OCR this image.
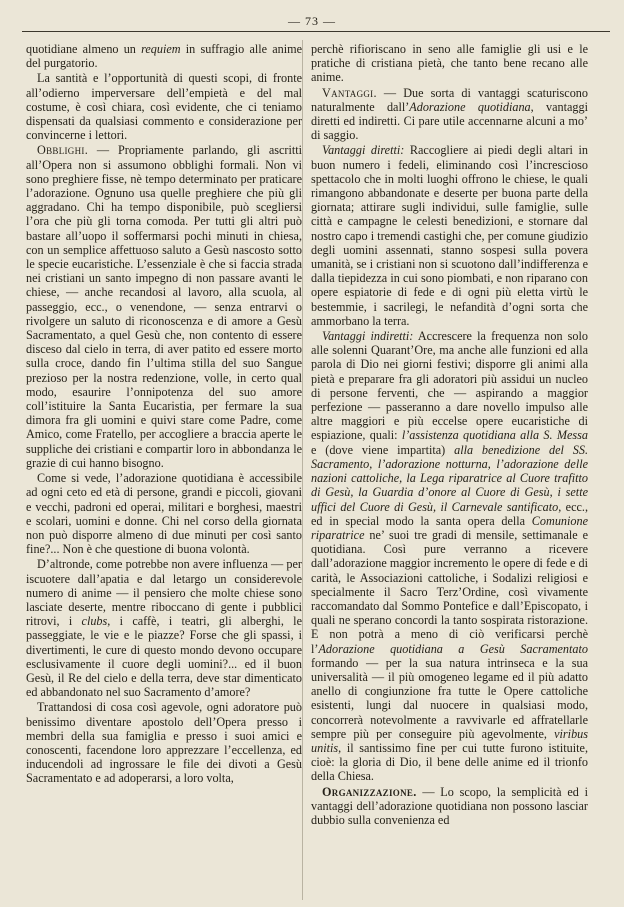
— 73 —

quotidiane almeno un requiem in suffragio alle anime del purgatorio.

La santità e l’opportunità di questi scopi, di fronte all’odierno imperversare dell’empietà e del mal costume, è così chiara, così evidente, che ci teniamo dispensati da qualsiasi commento e considerazione per convincerne i lettori.

Obblighi. — Propriamente parlando, gli ascritti all’Opera non si assumono obblighi formali. Non vi sono preghiere fisse, nè tempo determinato per praticare l’adorazione. Ognuno usa quelle preghiere che più gli aggradano. Chi ha tempo disponibile, può scegliersi l’ora che più gli torna comoda. Per tutti gli altri può bastare all’uopo il soffermarsi pochi minuti in chiesa, con un semplice affettuoso saluto a Gesù nascosto sotto le specie eucaristiche. L’essenziale è che si faccia strada nei cristiani un santo impegno di non passare avanti le chiese, — anche recandosi al lavoro, alla scuola, al passeggio, ecc., o venendone, — senza entrarvi o rivolgere un saluto di riconoscenza e di amore a Gesù Sacramentato, a quel Gesù che, non contento di essere disceso dal cielo in terra, di aver patito ed essere morto sulla croce, dando fin l’ultima stilla del suo Sangue prezioso per la nostra redenzione, volle, in certo qual modo, esaurire l’onnipotenza del suo amore coll’istituire la Santa Eucaristia, per fermare la sua dimora fra gli uomini e quivi stare come Padre, come Amico, come Fratello, per accogliere a braccia aperte le suppliche dei cristiani e compartir loro in abbondanza le grazie di cui hanno bisogno.

Come si vede, l’adorazione quotidiana è accessibile ad ogni ceto ed età di persone, grandi e piccoli, giovani e vecchi, padroni ed operai, militari e borghesi, maestri e scolari, uomini e donne. Chi nel corso della giornata non può disporre almeno di due minuti per così santo fine?... Non è che questione di buona volontà.

D’altronde, come potrebbe non avere influenza — per iscuotere dall’apatia e dal letargo un considerevole numero di anime — il pensiero che molte chiese sono lasciate deserte, mentre riboccano di gente i pubblici ritrovi, i clubs, i caffè, i teatri, gli alberghi, le passeggiate, le vie e le piazze? Forse che gli spassi, i divertimenti, le cure di questo mondo devono occupare esclusivamente il cuore degli uomini?... ed il buon Gesù, il Re del cielo e della terra, deve star dimenticato ed abbandonato nel suo Sacramento d’amore?

Trattandosi di cosa così agevole, ogni adoratore può benissimo diventare apostolo dell’Opera presso i membri della sua famiglia e presso i suoi amici e conoscenti, facendone loro apprezzare l’eccellenza, ed inducendoli ad ingrossare le file dei divoti a Gesù Sacramentato e ad adoperarsi, a loro volta,

perchè rifioriscano in seno alle famiglie gli usi e le pratiche di cristiana pietà, che tanto bene recano alle anime.

Vantaggi. — Due sorta di vantaggi scaturiscono naturalmente dall’Adorazione quotidiana, vantaggi diretti ed indiretti. Ci pare utile accennarne alcuni a mo’ di saggio.

Vantaggi diretti: Raccogliere ai piedi degli altari in buon numero i fedeli, eliminando così l’increscioso spettacolo che in molti luoghi offrono le chiese, le quali rimangono abbandonate e deserte per buona parte della giornata; attirare sugli individui, sulle famiglie, sulle città e campagne le celesti benedizioni, e stornare dal nostro capo i tremendi castighi che, per comune giudizio degli uomini assennati, stanno sospesi sulla povera umanità, se i cristiani non si scuotono dall’indifferenza e dalla tiepidezza in cui sono piombati, e non riparano con opere espiatorie di fede e di ogni più eletta virtù le bestemmie, i sacrilegi, le nefandità d’ogni sorta che ammorbano la terra.

Vantaggi indiretti: Accrescere la frequenza non solo alle solenni Quarant’Ore, ma anche alle funzioni ed alla parola di Dio nei giorni festivi; disporre gli animi alla pietà e preparare fra gli adoratori più assidui un nucleo di persone ferventi, che — aspirando a maggior perfezione — passeranno a dare novello impulso alle altre maggiori e più eccelse opere eucaristiche di espiazione, quali: l’assistenza quotidiana alla S. Messa e (dove viene impartita) alla benedizione del SS. Sacramento, l’adorazione notturna, l’adorazione delle nazioni cattoliche, la Lega riparatrice al Cuore trafitto di Gesù, la Guardia d’onore al Cuore di Gesù, i sette uffici del Cuore di Gesù, il Carnevale santificato, ecc., ed in special modo la santa opera della Comunione riparatrice ne’ suoi tre gradi di mensile, settimanale e quotidiana. Così pure verranno a ricevere dall’adorazione maggior incremento le opere di fede e di carità, le Associazioni cattoliche, i Sodalizi religiosi e specialmente il Sacro Terz’Ordine, così vivamente raccomandato dal Sommo Pontefice e dall’Episcopato, i quali ne sperano concordi la tanto sospirata ristorazione. E non potrà a meno di ciò verificarsi perchè l’Adorazione quotidiana a Gesù Sacramentato formando — per la sua natura intrinseca e la sua universalità — il più omogeneo legame ed il più adatto anello di congiunzione fra tutte le Opere cattoliche esistenti, lungi dal nuocere in qualsiasi modo, concorrerà notevolmente a ravvivarle ed affratellarle sempre più per conseguire più agevolmente, viribus unitis, il santissimo fine per cui tutte furono istituite, cioè: la gloria di Dio, il bene delle anime ed il trionfo della Chiesa.

Organizzazione. — Lo scopo, la semplicità ed i vantaggi dell’adorazione quotidiana non possono lasciar dubbio sulla convenienza ed
